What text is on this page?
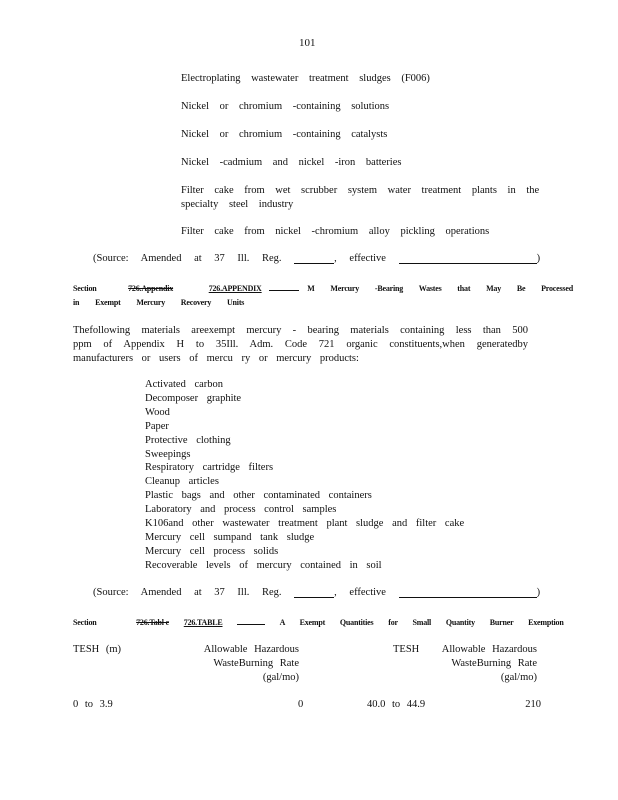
101
Electroplating wastewater treatment sludges (F006)
Nickel or chromium -containing solutions
Nickel or chromium -containing catalysts
Nickel -cadmium and nickel -iron batteries
Filter cake from wet scrubber system water treatment plants in the specialty steel industry
Filter cake from nickel -chromium alloy pickling operations
(Source: Amended at 37 Ill. Reg.	, effective	)
Section	726.Appendix	726.APPENDIX	M Mercury -Bearing Wastes that May Be Processed
in Exempt Mercury Recovery Units
Thefollowing materials areexempt mercury - bearing materials containing less than 500 ppm of Appendix H to 35Ill. Adm. Code 721 organic constituents,when generatedby manufacturers or users of mercu ry or mercury products:
Activated carbon
Decomposer graphite
Wood
Paper
Protective clothing
Sweepings
Respiratory cartridge filters
Cleanup articles
Plastic bags and other contaminated containers
Laboratory and process control samples
K106and other wastewater treatment plant sludge and filter cake
Mercury cell sumpand tank sludge
Mercury cell process solids
Recoverable levels of mercury contained in soil
(Source: Amended at 37 Ill. Reg.	, effective	)
Section	726.Tabl e 726.TABLE	A Exempt Quantities for Small Quantity Burner Exemption
TESH (m)	Allowable Hazardous
WasteBurning Rate
(gal/mo)
TESH	Allowable Hazardous
WasteBurning Rate
(gal/mo)
0 to 3.9	0	40.0 to 44.9	210
